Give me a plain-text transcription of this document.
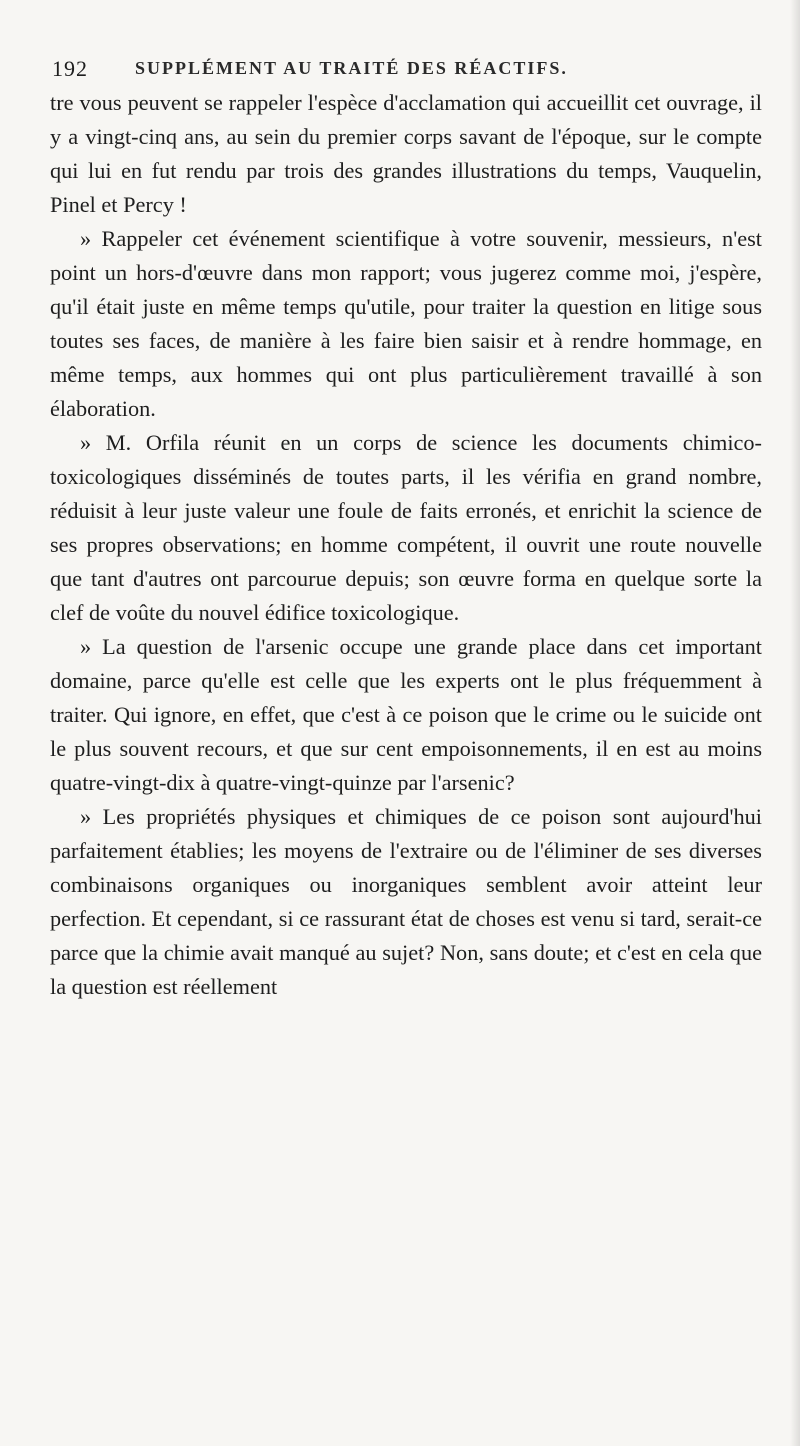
192	SUPPLÉMENT AU TRAITÉ DES RÉACTIFS.

tre vous peuvent se rappeler l'espèce d'acclamation qui accueillit cet ouvrage, il y a vingt-cinq ans, au sein du premier corps savant de l'époque, sur le compte qui lui en fut rendu par trois des grandes illustrations du temps, Vauquelin, Pinel et Percy !

» Rappeler cet événement scientifique à votre souvenir, messieurs, n'est point un hors-d'œuvre dans mon rapport; vous jugerez comme moi, j'espère, qu'il était juste en même temps qu'utile, pour traiter la question en litige sous toutes ses faces, de manière à les faire bien saisir et à rendre hommage, en même temps, aux hommes qui ont plus particulièrement travaillé à son élaboration.

» M. Orfila réunit en un corps de science les documents chimico-toxicologiques disséminés de toutes parts, il les vérifia en grand nombre, réduisit à leur juste valeur une foule de faits erronés, et enrichit la science de ses propres observations; en homme compétent, il ouvrit une route nouvelle que tant d'autres ont parcourue depuis; son œuvre forma en quelque sorte la clef de voûte du nouvel édifice toxicologique.

» La question de l'arsenic occupe une grande place dans cet important domaine, parce qu'elle est celle que les experts ont le plus fréquemment à traiter. Qui ignore, en effet, que c'est à ce poison que le crime ou le suicide ont le plus souvent recours, et que sur cent empoisonnements, il en est au moins quatre-vingt-dix à quatre-vingt-quinze par l'arsenic?

» Les propriétés physiques et chimiques de ce poison sont aujourd'hui parfaitement établies; les moyens de l'extraire ou de l'éliminer de ses diverses combinaisons organiques ou inorganiques semblent avoir atteint leur perfection. Et cependant, si ce rassurant état de choses est venu si tard, serait-ce parce que la chimie avait manqué au sujet? Non, sans doute; et c'est en cela que la question est réellement
